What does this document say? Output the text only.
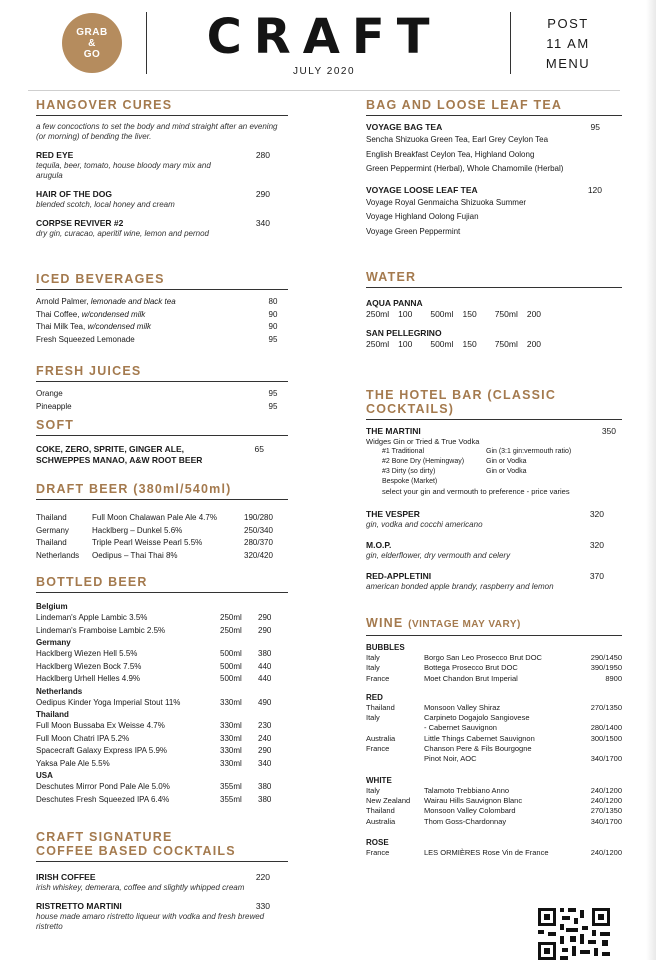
GRAB
&
GO CRAFT
JULY 2020
POST
11 AM
MENU
HANGOVER CURES
a few concoctions to set the body and mind straight after an evening (or morning) of bending the liver.
RED EYE	280
tequila, beer, tomato, house bloody mary mix and arugula
HAIR OF THE DOG	290
blended scotch, local honey and cream
CORPSE REVIVER #2	340
dry gin, curacao, aperitif wine, lemon and pernod
ICED BEVERAGES
Arnold Palmer, lemonade and black tea	80
Thai Coffee, w/condensed milk	90
Thai Milk Tea, w/condensed milk	90
Fresh Squeezed Lemonade	95
FRESH JUICES
Orange	95
Pineapple	95
SOFT
COKE, ZERO, SPRITE, GINGER ALE,
SCHWEPPES MANAO, A&W ROOT BEER
65
DRAFT BEER (380ml/540ml)
Thailand	Full Moon Chalawan Pale Ale 4.7%	190/280
Germany	Hacklberg – Dunkel 5.6%	250/340
Thailand	Triple Pearl Weisse Pearl 5.5%	280/370
Netherlands	Oedipus – Thai Thai 8%	320/420
BOTTLED BEER
Belgium
Lindeman's Apple Lambic 3.5%	250ml	290
Lindeman's Framboise Lambic 2.5%	250ml	290
Germany
Hacklberg Wiezen Hell 5.5%	500ml	380
Hacklberg Wiezen Bock 7.5%	500ml	440
Hacklberg Urhell Helles 4.9%	500ml	440
Netherlands
Oedipus Kinder Yoga Imperial Stout 11%	330ml	490
Thailand
Full Moon Bussaba Ex Weisse 4.7%	330ml	230
Full Moon Chatri IPA 5.2%	330ml	240
Spacecraft Galaxy Express IPA 5.9%	330ml	290
Yaksa Pale Ale 5.5%	330ml	340
USA
Deschutes Mirror Pond Pale Ale 5.0%	355ml	380
Deschutes Fresh Squeezed IPA 6.4%	355ml	380
CRAFT SIGNATURE
COFFEE BASED COCKTAILS
IRISH COFFEE	220
irish whiskey, demerara, coffee and slightly whipped cream
RISTRETTO MARTINI	330
house made amaro ristretto liqueur with vodka and fresh brewed ristretto
BAG AND LOOSE LEAF TEA
VOYAGE BAG TEA	95
Sencha Shizuoka Green Tea, Earl Grey Ceylon Tea
English Breakfast Ceylon Tea, Highland Oolong
Green Peppermint (Herbal), Whole Chamomile (Herbal)
VOYAGE LOOSE LEAF TEA	120
Voyage Royal Genmaicha Shizuoka Summer
Voyage Highland Oolong Fujian
Voyage Green Peppermint
WATER
AQUA PANNA
250ml 100 500ml 150 750ml 200
SAN PELLEGRINO
250ml 100 500ml 150 750ml 200
THE HOTEL BAR (CLASSIC COCKTAILS)
THE MARTINI	350
Widges Gin or Tried & True Vodka
#1 Traditional	Gin (3:1 gin:vermouth ratio)
#2 Bone Dry (Hemingway)	Gin or Vodka
#3 Dirty (so dirty)	Gin or Vodka
Bespoke (Market)
select your gin and vermouth to preference - price varies
THE VESPER	320
gin, vodka and cocchi americano
M.O.P.	320
gin, elderflower, dry vermouth and celery
RED-APPLETINI	370
american bonded apple brandy, raspberry and lemon
WINE (VINTAGE MAY VARY)
BUBBLES
Italy	Borgo San Leo Prosecco Brut DOC	290/1450
Italy	Bottega Prosecco Brut DOC	390/1950
France	Moet Chandon Brut Imperial	8900
RED
Thailand	Monsoon Valley Shiraz	270/1350
Italy	Carpineto Dogajolo Sangiovese
- Cabernet Sauvignon	280/1400
Australia	Little Things Cabernet Sauvignon	300/1500
France	Chanson Pere & Fils Bourgogne
Pinot Noir, AOC	340/1700
WHITE
Italy	Talamoto Trebbiano Anno	240/1200
New Zealand	Wairau Hills Sauvignon Blanc	240/1200
Thailand	Monsoon Valley Colombard	270/1350
Australia	Thom Goss-Chardonnay	340/1700
ROSE
France	LES ORMIÈRES Rose Vin de France	240/1200
